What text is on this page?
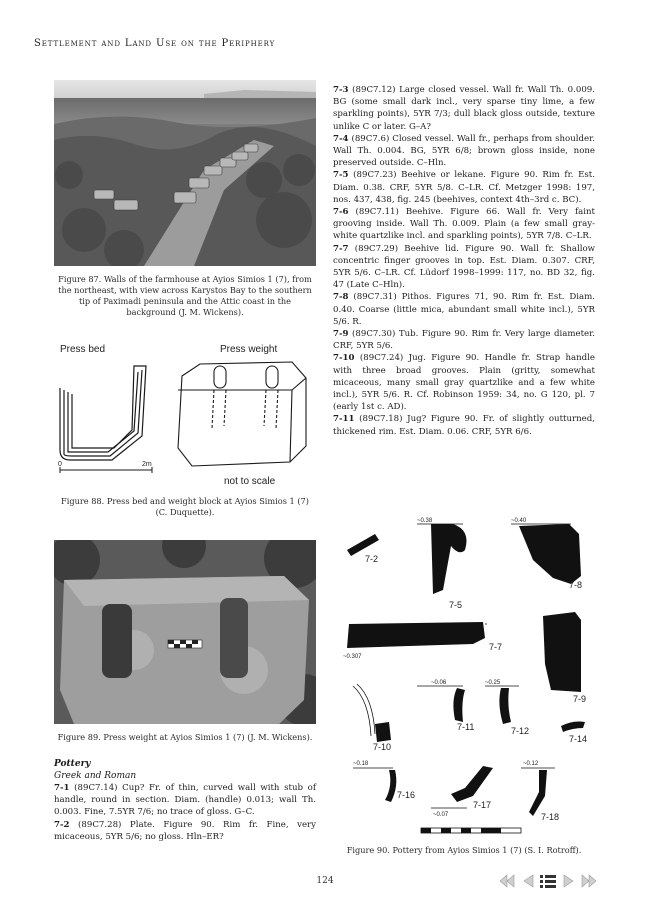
Settlement and Land Use on the Periphery
Figure 87. Walls of the farmhouse at Ayios Simios 1 (7), from the northeast, with view across Karystos Bay to the southern tip of Paximadi peninsula and the Attic coast in the background (J. M. Wickens).
Press bed	Press weight
0	2m
not to scale
Figure 88. Press bed and weight block at Ayios Simios 1 (7) (C. Duquette).
Figure 89. Press weight at Ayios Simios 1 (7) (J. M. Wickens).
Pottery
Greek and Roman
7-1 (89C7.14) Cup? Fr. of thin, curved wall with stub of handle, round in section. Diam. (handle) 0.013; wall Th. 0.003. Fine, 7.5YR 7/6; no trace of gloss. G–C.
7-2 (89C7.28) Plate. Figure 90. Rim fr. Fine, very micaceous, 5YR 5/6; no gloss. Hln–ER?
7-3 (89C7.12) Large closed vessel. Wall fr. Wall Th. 0.009. BG (some small dark incl., very sparse tiny lime, a few sparkling points), 5YR 7/3; dull black gloss outside, texture unlike C or later. G–A?
7-4 (89C7.6) Closed vessel. Wall fr., perhaps from shoulder. Wall Th. 0.004. BG, 5YR 6/8; brown gloss inside, none preserved outside. C–Hln.
7-5 (89C7.23) Beehive or lekane. Figure 90. Rim fr. Est. Diam. 0.38. CRF, 5YR 5/8. C–LR. Cf. Metzger 1998: 197, nos. 437, 438, fig. 245 (beehives, context 4th–3rd c. BC).
7-6 (89C7.11) Beehive. Figure 66. Wall fr. Very faint grooving inside. Wall Th. 0.009. Plain (a few small gray-white quartzlike incl. and sparkling points), 5YR 7/8. C–LR.
7-7 (89C7.29) Beehive lid. Figure 90. Wall fr. Shallow concentric finger grooves in top. Est. Diam. 0.307. CRF, 5YR 5/6. C–LR. Cf. Lüdorf 1998–1999: 117, no. BD 32, fig. 47 (Late C–Hln).
7-8 (89C7.31) Pithos. Figures 71, 90. Rim fr. Est. Diam. 0.40. Coarse (little mica, abundant small white incl.), 5YR 5/6. R.
7-9 (89C7.30) Tub. Figure 90. Rim fr. Very large diameter. CRF, 5YR 5/6.
7-10 (89C7.24) Jug. Figure 90. Handle fr. Strap handle with three broad grooves. Plain (gritty, somewhat micaceous, many small gray quartzlike and a few white incl.), 5YR 5/6. R. Cf. Robinson 1959: 34, no. G 120, pl. 7 (early 1st c. AD).
7-11 (89C7.18) Jug? Figure 90. Fr. of slightly outturned, thickened rim. Est. Diam. 0.06. CRF, 5YR 6/6.
7-2
7-5
7-8
7-7
7-9
7-10
7-11	7-12
7-14
7-16
7-17
7-18
~0.38	~0.40
~0.307
~0.06	~0.25
~0.18	~0.12
~0.07
Figure 90. Pottery from Ayios Simios 1 (7) (S. I. Rotroff).
124
